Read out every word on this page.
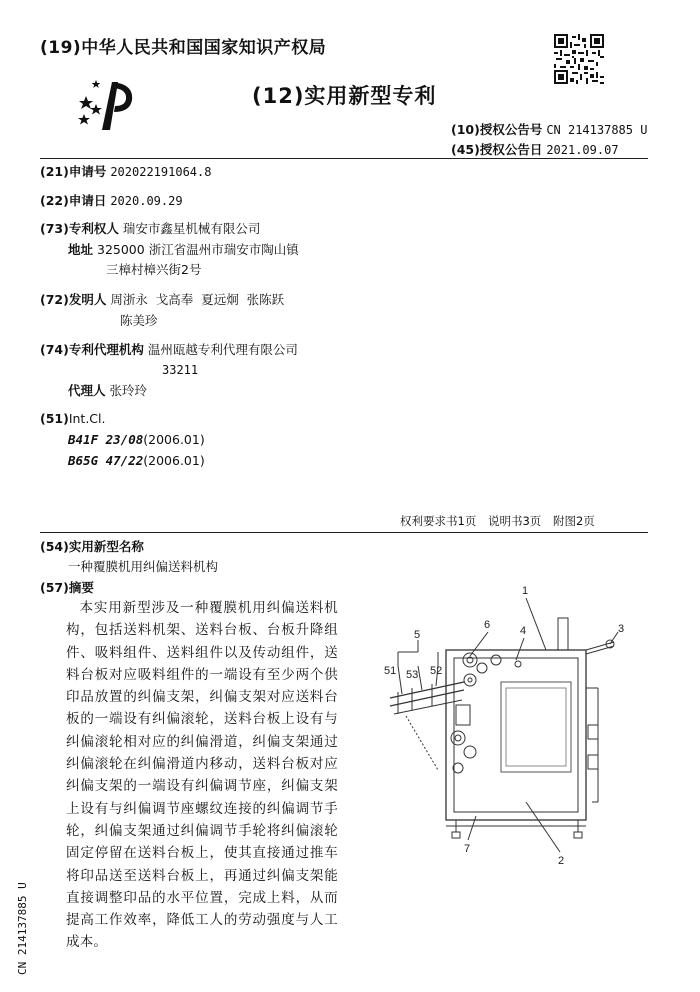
(19)中华人民共和国国家知识产权局
(12)实用新型专利
(10)授权公告号 CN 214137885 U
(45)授权公告日 2021.09.07
(21)申请号 202022191064.8
(22)申请日 2020.09.29
(73)专利权人 瑞安市鑫星机械有限公司
地址 325000 浙江省温州市瑞安市陶山镇
三樟村樟兴街2号
(72)发明人 周浙永  戈高奉  夏远炯  张陈跃
陈美珍
(74)专利代理机构 温州瓯越专利代理有限公司
33211
代理人 张玲玲
(51)Int.Cl.
B41F 23/08(2006.01)
B65G 47/22(2006.01)
权利要求书1页 说明书3页 附图2页
(54)实用新型名称
一种覆膜机用纠偏送料机构
(57)摘要
本实用新型涉及一种覆膜机用纠偏送料机构，包括送料机架、送料台板、台板升降组件、吸料组件、送料组件以及传动组件，送料台板对应吸料组件的一端设有至少两个供印品放置的纠偏支架，纠偏支架对应送料台板的一端设有纠偏滚轮，送料台板上设有与纠偏滚轮相对应的纠偏滑道，纠偏支架通过纠偏滚轮在纠偏滑道内移动，送料台板对应纠偏支架的一端设有纠偏调节座，纠偏支架上设有与纠偏调节座螺纹连接的纠偏调节手轮，纠偏支架通过纠偏调节手轮将纠偏滚轮固定停留在送料台板上，使其直接通过推车将印品送至送料台板上，再通过纠偏支架能直接调整印品的水平位置，完成上料，从而提高工作效率，降低工人的劳动强度与人工成本。
CN 214137885 U
1
2
3
4
5
6
7
51	52
53
